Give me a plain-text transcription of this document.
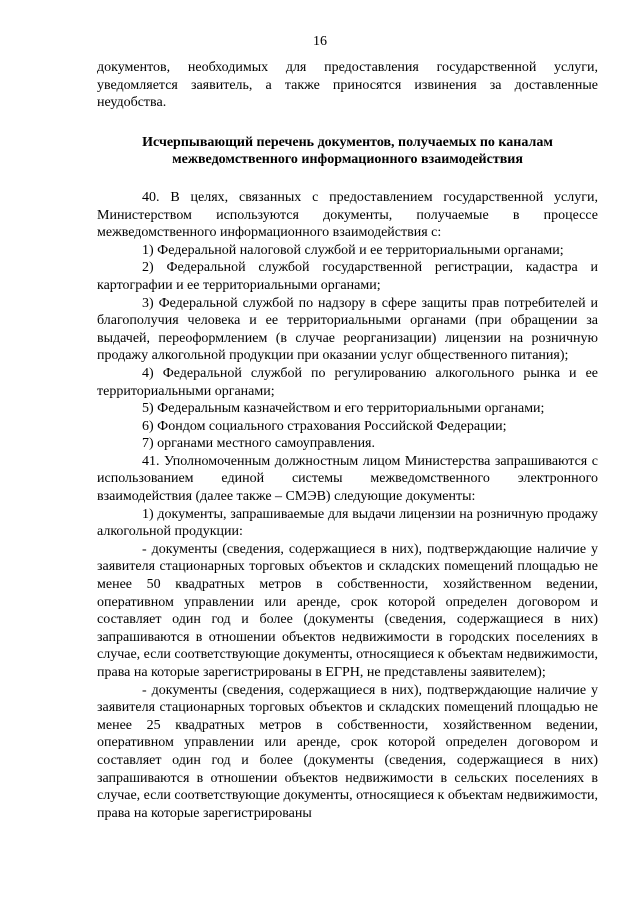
16

документов, необходимых для предоставления государственной услуги, уведомляется заявитель, а также приносятся извинения за доставленные неудобства.

Исчерпывающий перечень документов, получаемых по каналам межведомственного информационного взаимодействия

40. В целях, связанных с предоставлением государственной услуги, Министерством используются документы, получаемые в процессе межведомственного информационного взаимодействия с:

1) Федеральной налоговой службой и ее территориальными органами;

2) Федеральной службой государственной регистрации, кадастра и картографии и ее территориальными органами;

3) Федеральной службой по надзору в сфере защиты прав потребителей и благополучия человека и ее территориальными органами (при обращении за выдачей, переоформлением (в случае реорганизации) лицензии на розничную продажу алкогольной продукции при оказании услуг общественного питания);

4) Федеральной службой по регулированию алкогольного рынка и ее территориальными органами;

5) Федеральным казначейством и его территориальными органами;

6) Фондом социального страхования Российской Федерации;

7) органами местного самоуправления.

41. Уполномоченным должностным лицом Министерства запрашиваются с использованием единой системы межведомственного электронного взаимодействия (далее также – СМЭВ) следующие документы:

1) документы, запрашиваемые для выдачи лицензии на розничную продажу алкогольной продукции:

- документы (сведения, содержащиеся в них), подтверждающие наличие у заявителя стационарных торговых объектов и складских помещений площадью не менее 50 квадратных метров в собственности, хозяйственном ведении, оперативном управлении или аренде, срок которой определен договором и составляет один год и более (документы (сведения, содержащиеся в них) запрашиваются в отношении объектов недвижимости в городских поселениях в случае, если соответствующие документы, относящиеся к объектам недвижимости, права на которые зарегистрированы в ЕГРН, не представлены заявителем);

- документы (сведения, содержащиеся в них), подтверждающие наличие у заявителя стационарных торговых объектов и складских помещений площадью не менее 25 квадратных метров в собственности, хозяйственном ведении, оперативном управлении или аренде, срок которой определен договором и составляет один год и более (документы (сведения, содержащиеся в них) запрашиваются в отношении объектов недвижимости в сельских поселениях в случае, если соответствующие документы, относящиеся к объектам недвижимости, права на которые зарегистрированы
